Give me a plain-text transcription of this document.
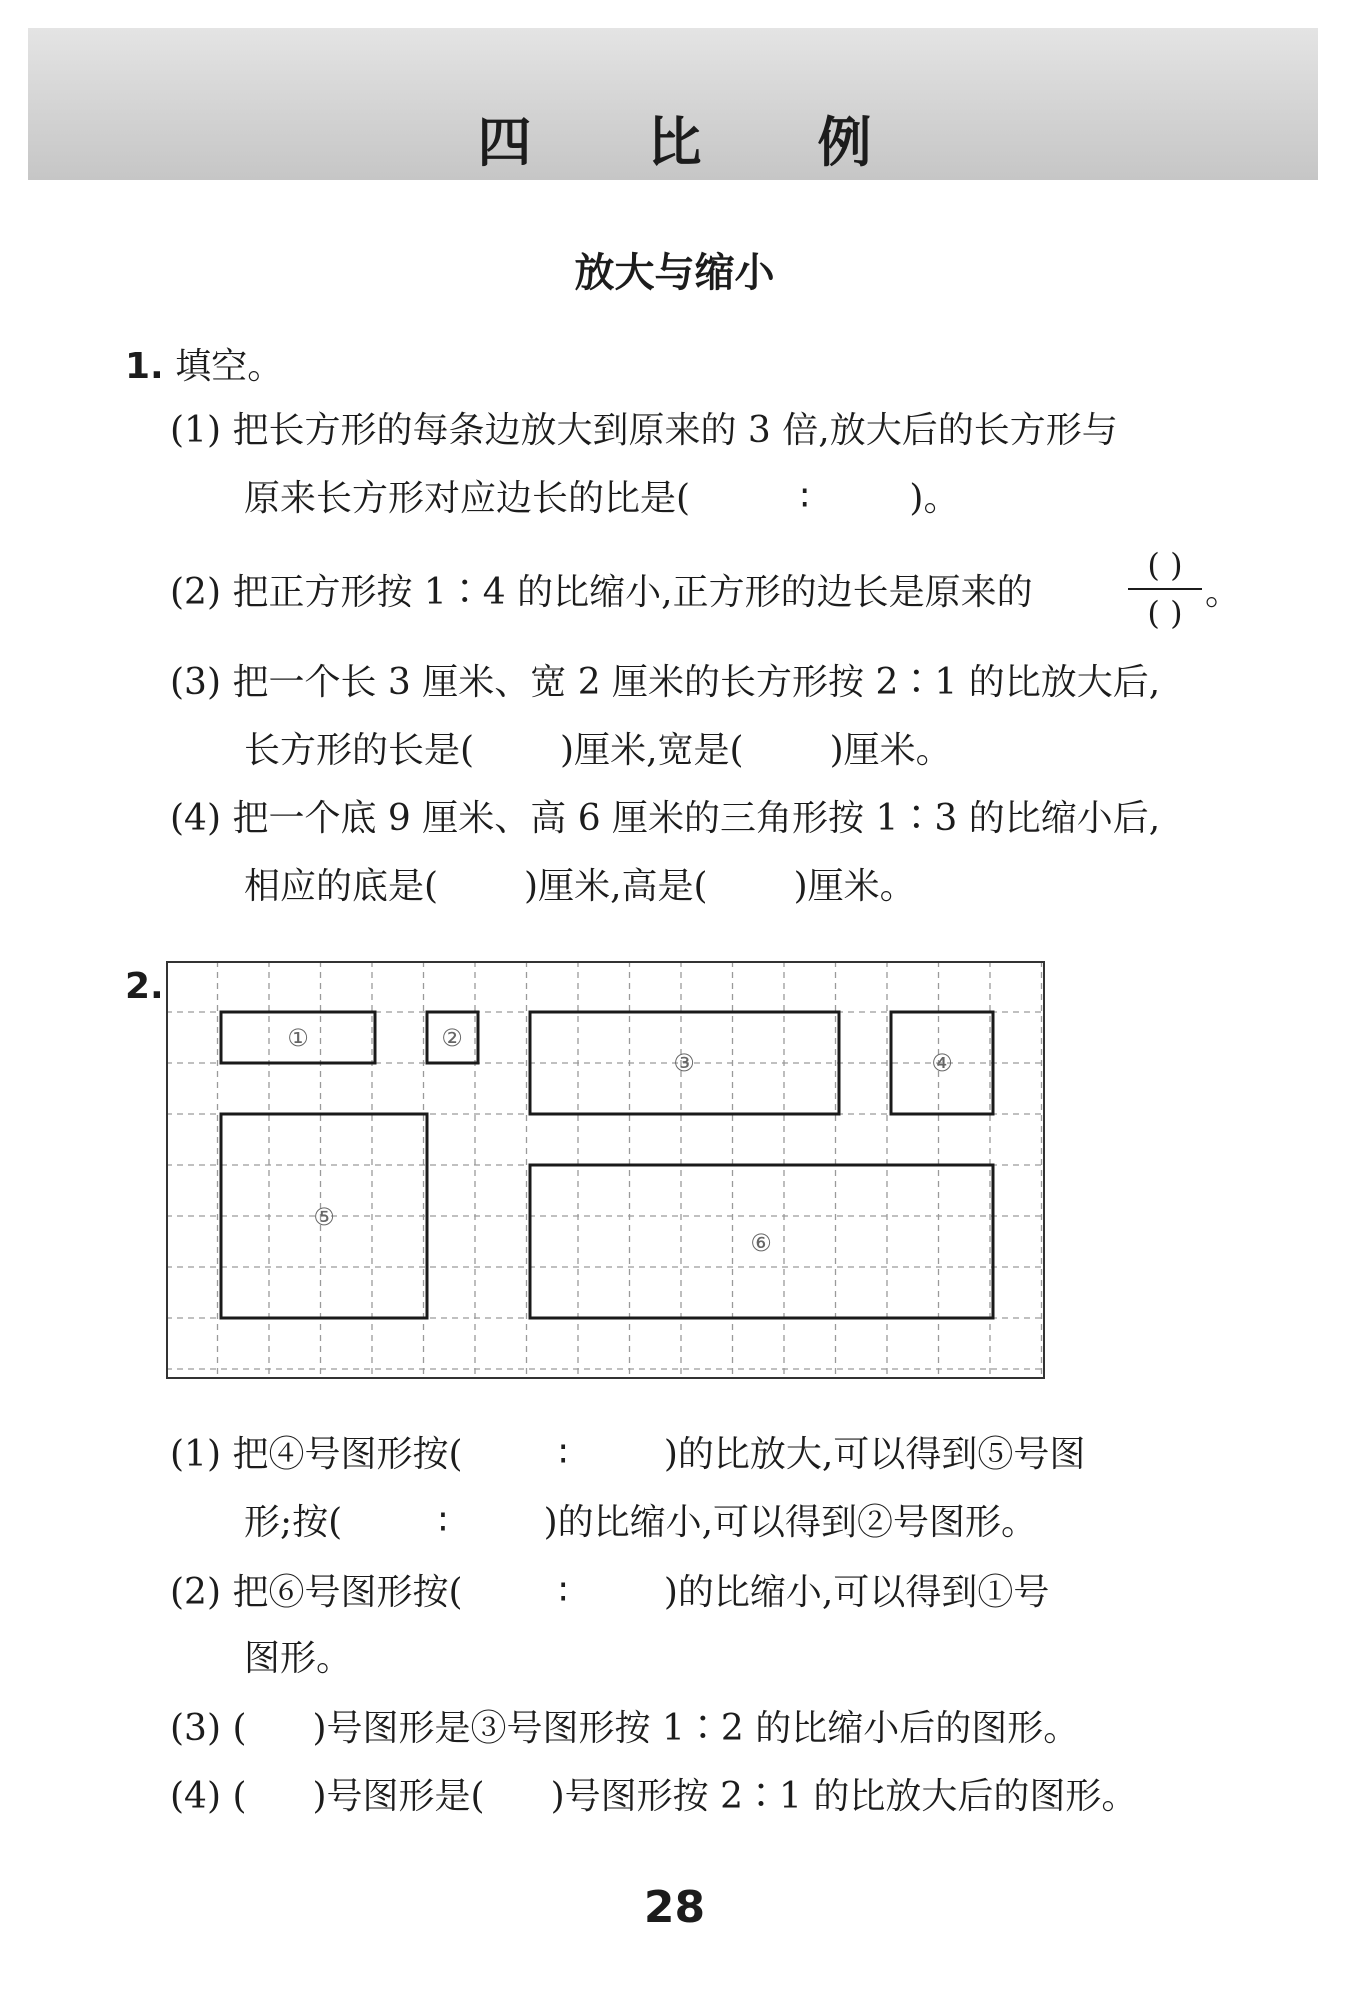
四 比 例
放大与缩小
1. 填空。
(1) 把长方形的每条边放大到原来的 3 倍,放大后的长方形与
原来长方形对应边长的比是(	∶	)。
(2) 把正方形按 1∶4 的比缩小,正方形的边长是原来的
( )
( ) 。
(3) 把一个长 3 厘米、宽 2 厘米的长方形按 2∶1 的比放大后,
长方形的长是( )厘米,宽是( )厘米。
(4) 把一个底 9 厘米、高 6 厘米的三角形按 1∶3 的比缩小后,
相应的底是( )厘米,高是( )厘米。
2.
①	②
③	④
⑤
⑥
(1) 把④号图形按(	∶	)的比放大,可以得到⑤号图
形;按(	∶	)的比缩小,可以得到②号图形。
(2) 把⑥号图形按(	∶	)的比缩小,可以得到①号
图形。
(3) ( )号图形是③号图形按 1∶2 的比缩小后的图形。
(4) ( )号图形是( )号图形按 2∶1 的比放大后的图形。
28
